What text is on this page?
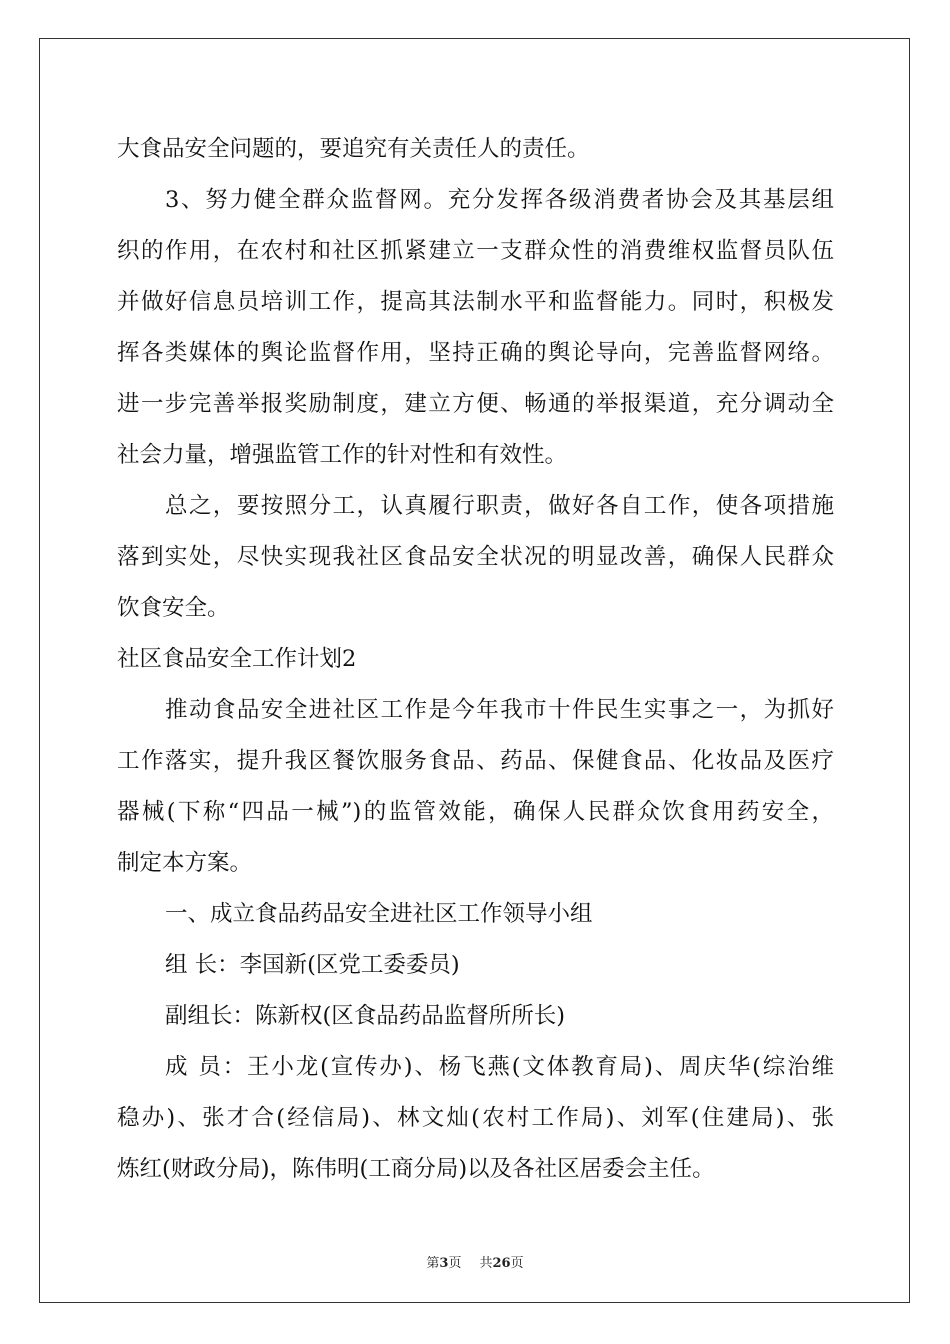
大食品安全问题的，要追究有关责任人的责任。
3、努力健全群众监督网。充分发挥各级消费者协会及其基层组
织的作用，在农村和社区抓紧建立一支群众性的消费维权监督员队伍
并做好信息员培训工作，提高其法制水平和监督能力。同时，积极发
挥各类媒体的舆论监督作用，坚持正确的舆论导向，完善监督网络。
进一步完善举报奖励制度，建立方便、畅通的举报渠道，充分调动全
社会力量，增强监管工作的针对性和有效性。
总之，要按照分工，认真履行职责，做好各自工作，使各项措施
落到实处，尽快实现我社区食品安全状况的明显改善，确保人民群众
饮食安全。
社区食品安全工作计划2
推动食品安全进社区工作是今年我市十件民生实事之一，为抓好
工作落实，提升我区餐饮服务食品、药品、保健食品、化妆品及医疗
器械(下称“四品一械”)的监管效能，确保人民群众饮食用药安全，
制定本方案。
一、成立食品药品安全进社区工作领导小组
组 长：李国新(区党工委委员)
副组长：陈新权(区食品药品监督所所长)
成 员：王小龙(宣传办)、杨飞燕(文体教育局)、周庆华(综治维
稳办)、张才合(经信局)、林文灿(农村工作局)、刘军(住建局)、张
炼红(财政分局)，陈伟明(工商分局)以及各社区居委会主任。
第3页 共26页
